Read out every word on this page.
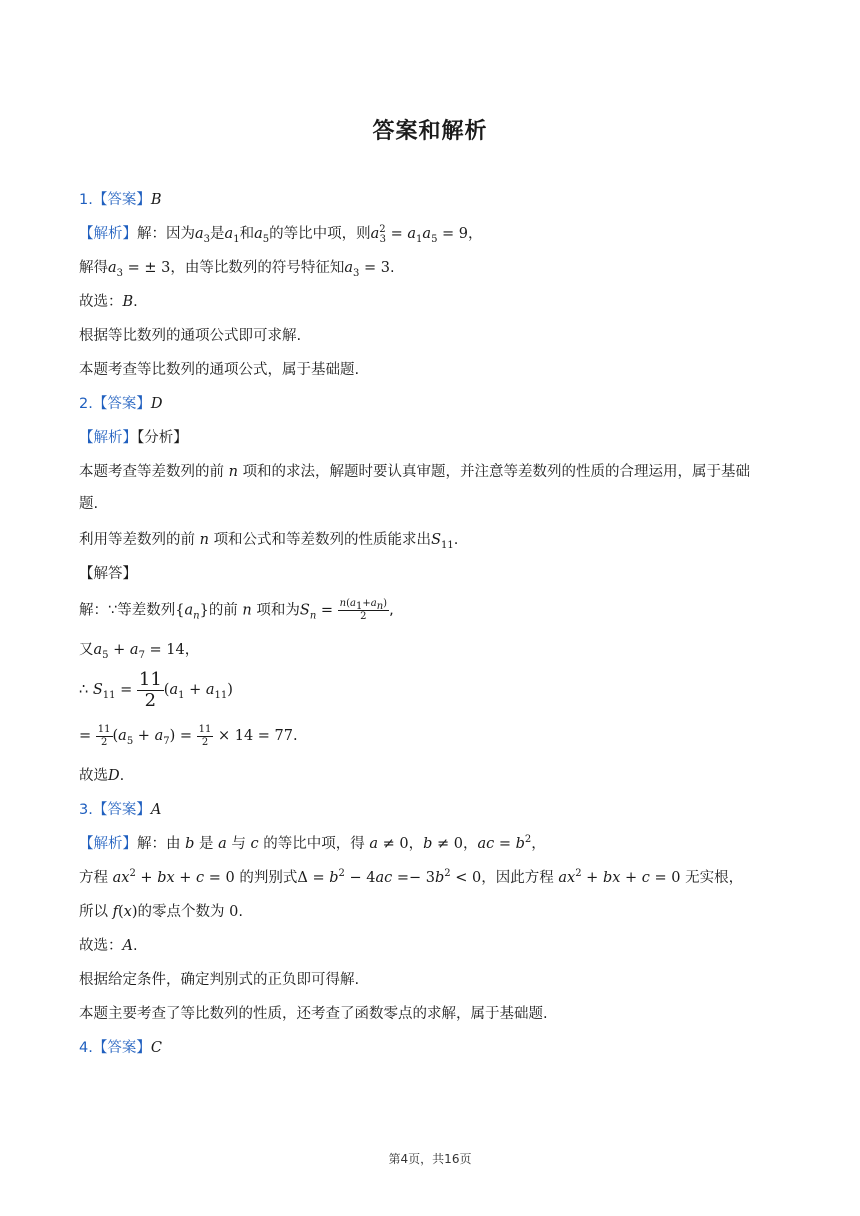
答案和解析
1.【答案】B
【解析】解：因为$a_3$是$a_1$和$a_5$的等比中项，则$a^2_3 = a_1a_5 = 9$，
解得$a_3$ = ± 3，由等比数列的符号特征知$a_3 = 3$.
故选：B.
根据等比数列的通项公式即可求解.
本题考查等比数列的通项公式，属于基础题.
2.【答案】D
【解析】【分析】
本题考查等差数列的前 n 项和的求法，解题时要认真审题，并注意等差数列的性质的合理运用，属于基础
题.
利用等差数列的前 n 项和公式和等差数列的性质能求出$S_{11}$.
【解答】
解：∵等差数列$\{a_n\}$的前 n 项和为$S_n = \frac{n(a_1+a_n)}{2}$ ,
又$a_5 + a_7 = 14$，
∴ $S_{11} = \frac{11}{2} (a_1 + a_{11})$
= $\frac{11}{2} (a_5 + a_7) = \frac{11}{2} \times 14 = 77$.
故选D.
3.【答案】A
【解析】解：由 b 是 a 与 c 的等比中项，得 a ≠ 0，b ≠ 0，ac = $b^2$，
方程 $ax^2$ + bx + c = 0 的判别式$\Delta = b^2 - 4ac =- 3b^2 < 0$，因此方程 $ax^2$ + bx + c = 0 无实根，
所以 f(x)的零点个数为 0.
故选：A.
根据给定条件，确定判别式的正负即可得解.
本题主要考查了等比数列的性质，还考查了函数零点的求解，属于基础题.
4.【答案】C
第4页，共16页
